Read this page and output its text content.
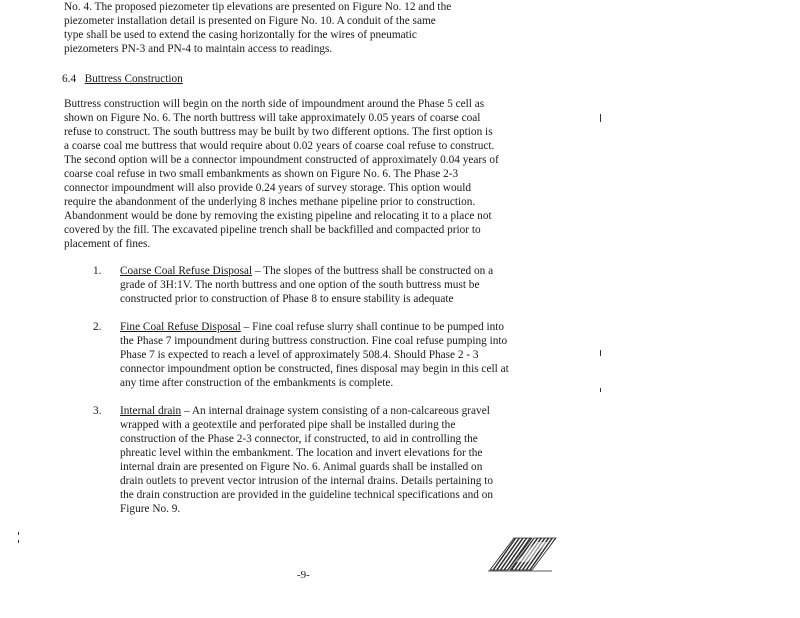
No. 4. The proposed piezometer tip elevations are presented on Figure No. 12 and the
piezometer installation detail is presented on Figure No. 10. A conduit of the same
type shall be used to extend the casing horizontally for the wires of pneumatic
piezometers PN-3 and PN-4 to maintain access to readings.
6.4 Buttress Construction
Buttress construction will begin on the north side of impoundment around the Phase 5 cell as
shown on Figure No. 6. The north buttress will take approximately 0.05 years of coarse coal
refuse to construct. The south buttress may be built by two different options. The first option is
a coarse coal me buttress that would require about 0.02 years of coarse coal refuse to construct.
The second option will be a connector impoundment constructed of approximately 0.04 years of
coarse coal refuse in two small embankments as shown on Figure No. 6. The Phase 2-3
connector impoundment will also provide 0.24 years of survey storage. This option would
require the abandonment of the underlying 8 inches methane pipeline prior to construction.
Abandonment would be done by removing the existing pipeline and relocating it to a place not
covered by the fill. The excavated pipeline trench shall be backfilled and compacted prior to
placement of fines.
1. Coarse Coal Refuse Disposal – The slopes of the buttress shall be constructed on a
grade of 3H:1V. The north buttress and one option of the south buttress must be
constructed prior to construction of Phase 8 to ensure stability is adequate
2. Fine Coal Refuse Disposal – Fine coal refuse slurry shall continue to be pumped into
the Phase 7 impoundment during buttress construction. Fine coal refuse pumping into
Phase 7 is expected to reach a level of approximately 508.4. Should Phase 2 - 3
connector impoundment option be constructed, fines disposal may begin in this cell at
any time after construction of the embankments is complete.
3. Internal drain – An internal drainage system consisting of a non-calcareous gravel
wrapped with a geotextile and perforated pipe shall be installed during the
construction of the Phase 2-3 connector, if constructed, to aid in controlling the
phreatic level within the embankment. The location and invert elevations for the
internal drain are presented on Figure No. 6. Animal guards shall be installed on
drain outlets to prevent vector intrusion of the internal drains. Details pertaining to
the drain construction are provided in the guideline technical specifications and on
Figure No. 9.
-9-
